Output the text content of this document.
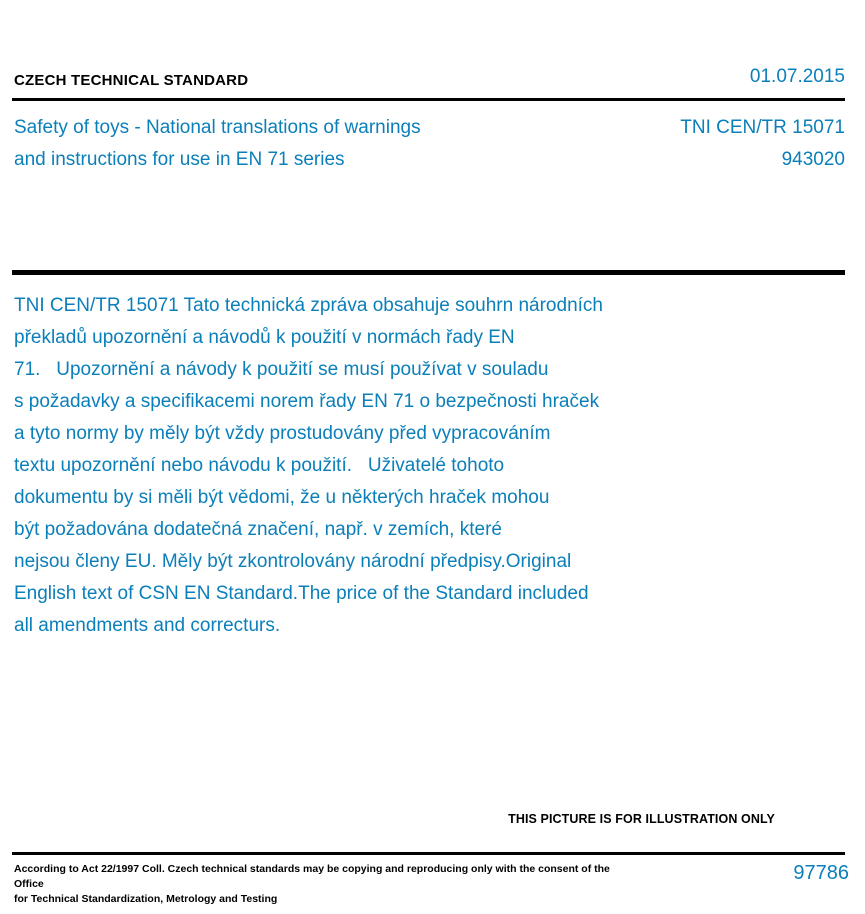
CZECH TECHNICAL STANDARD	01.07.2015
Safety of toys - National translations of warnings
and instructions for use in EN 71 series
TNI CEN/TR 15071
943020
TNI CEN/TR 15071 Tato technická zpráva obsahuje souhrn národních
překladů upozornění a návodů k použití v normách řady EN
71.   Upozornění a návody k použití se musí používat v souladu
s požadavky a specifikacemi norem řady EN 71 o bezpečnosti hraček
a tyto normy by měly být vždy prostudovány před vypracováním
textu upozornění nebo návodu k použití.   Uživatelé tohoto
dokumentu by si měli být vědomi, že u některých hraček mohou
být požadována dodatečná značení, např. v zemích, které
nejsou členy EU. Měly být zkontrolovány národní předpisy.Original
English text of CSN EN Standard.The price of the Standard included
all amendments and correcturs.
THIS PICTURE IS FOR ILLUSTRATION ONLY
According to Act 22/1997 Coll. Czech technical standards may be copying and reproducing only with the consent of the Office
for Technical Standardization, Metrology and Testing
97786
